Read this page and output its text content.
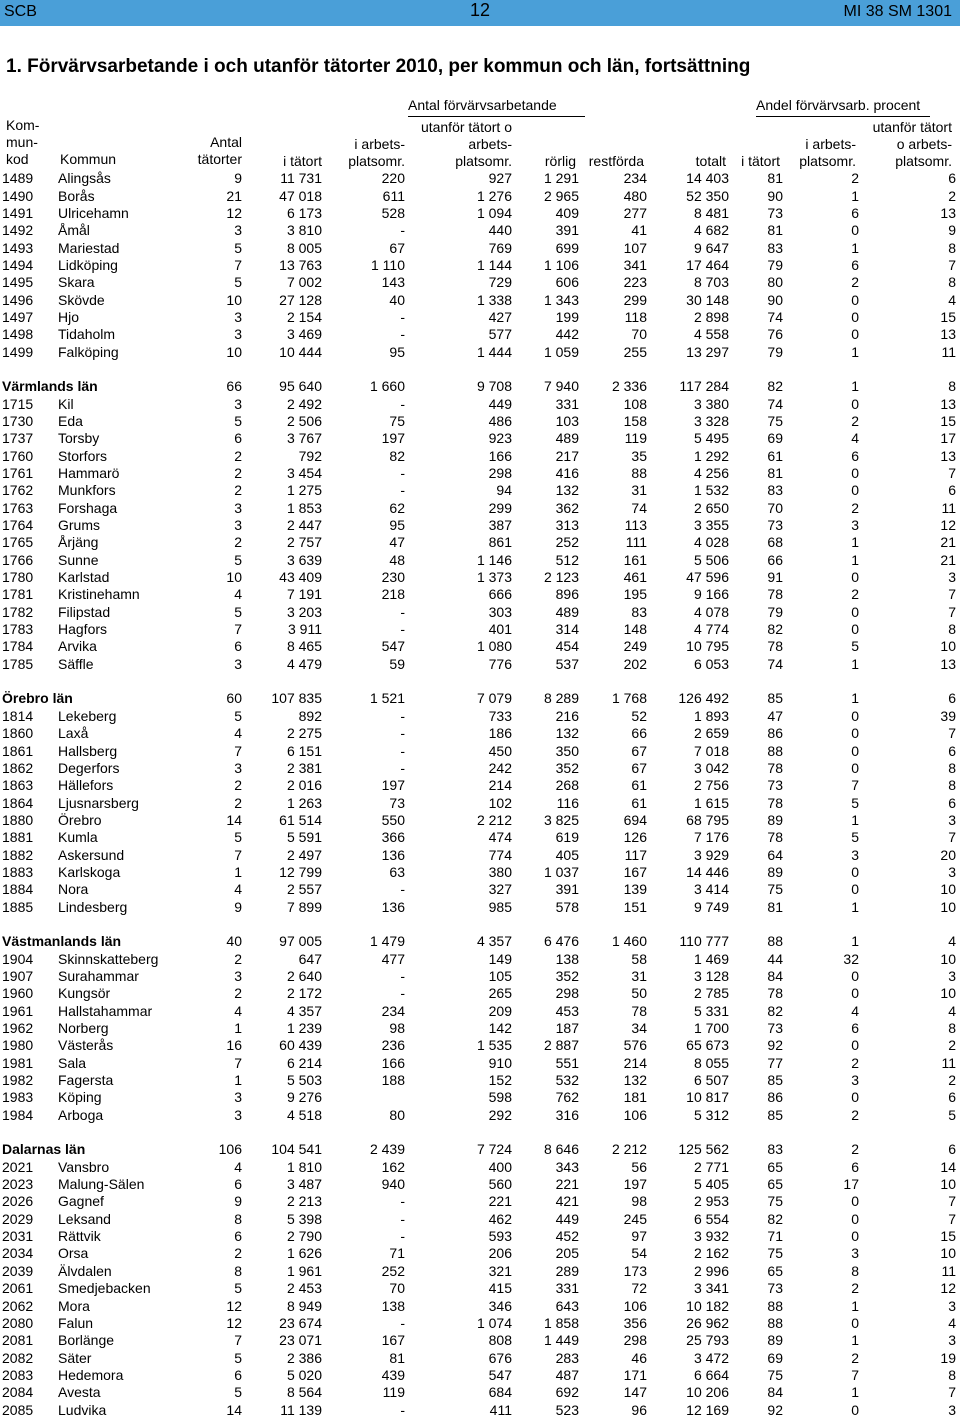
SCB	12	MI 38 SM 1301
1. Förvärvsarbetande i och utanför tätorter 2010, per kommun och län, fortsättning
Antal förvärvsarbetande	Andel förvärvsarb. procent
Kom-
mun-
kod Kommun
Antal
tätorter	i tätort
i arbets-
platsomr.
utanför tätort o
arbets-
platsomr.	rörlig restförda	totalt	i tätort
i arbets-
platsomr.
utanför tätort
o arbets-
platsomr.
1489	Alingsås	9	11 731	220	927	1 291	234	14 403	81	2	6
1490	Borås	21	47 018	611	1 276	2 965	480	52 350	90	1	2
1491	Ulricehamn	12	6 173	528	1 094	409	277	8 481	73	6	13
1492	Åmål	3	3 810	-	440	391	41	4 682	81	0	9
1493	Mariestad	5	8 005	67	769	699	107	9 647	83	1	8
1494	Lidköping	7	13 763	1 110	1 144	1 106	341	17 464	79	6	7
1495	Skara	5	7 002	143	729	606	223	8 703	80	2	8
1496	Skövde	10	27 128	40	1 338	1 343	299	30 148	90	0	4
1497	Hjo	3	2 154	-	427	199	118	2 898	74	0	15
1498	Tidaholm	3	3 469	-	577	442	70	4 558	76	0	13
1499	Falköping	10	10 444	95	1 444	1 059	255	13 297	79	1	11

Värmlands län		66	95 640	1 660	9 708	7 940	2 336	117 284	82	1	8
1715	Kil	3	2 492	-	449	331	108	3 380	74	0	13
1730	Eda	5	2 506	75	486	103	158	3 328	75	2	15
1737	Torsby	6	3 767	197	923	489	119	5 495	69	4	17
1760	Storfors	2	792	82	166	217	35	1 292	61	6	13
1761	Hammarö	2	3 454	-	298	416	88	4 256	81	0	7
1762	Munkfors	2	1 275	-	94	132	31	1 532	83	0	6
1763	Forshaga	3	1 853	62	299	362	74	2 650	70	2	11
1764	Grums	3	2 447	95	387	313	113	3 355	73	3	12
1765	Årjäng	2	2 757	47	861	252	111	4 028	68	1	21
1766	Sunne	5	3 639	48	1 146	512	161	5 506	66	1	21
1780	Karlstad	10	43 409	230	1 373	2 123	461	47 596	91	0	3
1781	Kristinehamn	4	7 191	218	666	896	195	9 166	78	2	7
1782	Filipstad	5	3 203	-	303	489	83	4 078	79	0	7
1783	Hagfors	7	3 911	-	401	314	148	4 774	82	0	8
1784	Arvika	6	8 465	547	1 080	454	249	10 795	78	5	10
1785	Säffle	3	4 479	59	776	537	202	6 053	74	1	13

Örebro län		60	107 835	1 521	7 079	8 289	1 768	126 492	85	1	6
1814	Lekeberg	5	892	-	733	216	52	1 893	47	0	39
1860	Laxå	4	2 275	-	186	132	66	2 659	86	0	7
1861	Hallsberg	7	6 151	-	450	350	67	7 018	88	0	6
1862	Degerfors	3	2 381	-	242	352	67	3 042	78	0	8
1863	Hällefors	2	2 016	197	214	268	61	2 756	73	7	8
1864	Ljusnarsberg	2	1 263	73	102	116	61	1 615	78	5	6
1880	Örebro	14	61 514	550	2 212	3 825	694	68 795	89	1	3
1881	Kumla	5	5 591	366	474	619	126	7 176	78	5	7
1882	Askersund	7	2 497	136	774	405	117	3 929	64	3	20
1883	Karlskoga	1	12 799	63	380	1 037	167	14 446	89	0	3
1884	Nora	4	2 557	-	327	391	139	3 414	75	0	10
1885	Lindesberg	9	7 899	136	985	578	151	9 749	81	1	10

Västmanlands län		40	97 005	1 479	4 357	6 476	1 460	110 777	88	1	4
1904	Skinnskatteberg	2	647	477	149	138	58	1 469	44	32	10
1907	Surahammar	3	2 640	-	105	352	31	3 128	84	0	3
1960	Kungsör	2	2 172	-	265	298	50	2 785	78	0	10
1961	Hallstahammar	4	4 357	234	209	453	78	5 331	82	4	4
1962	Norberg	1	1 239	98	142	187	34	1 700	73	6	8
1980	Västerås	16	60 439	236	1 535	2 887	576	65 673	92	0	2
1981	Sala	7	6 214	166	910	551	214	8 055	77	2	11
1982	Fagersta	1	5 503	188	152	532	132	6 507	85	3	2
1983	Köping	3	9 276		598	762	181	10 817	86	0	6
1984	Arboga	3	4 518	80	292	316	106	5 312	85	2	5

Dalarnas län		106	104 541	2 439	7 724	8 646	2 212	125 562	83	2	6
2021	Vansbro	4	1 810	162	400	343	56	2 771	65	6	14
2023	Malung-Sälen	6	3 487	940	560	221	197	5 405	65	17	10
2026	Gagnef	9	2 213	-	221	421	98	2 953	75	0	7
2029	Leksand	8	5 398	-	462	449	245	6 554	82	0	7
2031	Rättvik	6	2 790	-	593	452	97	3 932	71	0	15
2034	Orsa	2	1 626	71	206	205	54	2 162	75	3	10
2039	Älvdalen	8	1 961	252	321	289	173	2 996	65	8	11
2061	Smedjebacken	5	2 453	70	415	331	72	3 341	73	2	12
2062	Mora	12	8 949	138	346	643	106	10 182	88	1	3
2080	Falun	12	23 674	-	1 074	1 858	356	26 962	88	0	4
2081	Borlänge	7	23 071	167	808	1 449	298	25 793	89	1	3
2082	Säter	5	2 386	81	676	283	46	3 472	69	2	19
2083	Hedemora	6	5 020	439	547	487	171	6 664	75	7	8
2084	Avesta	5	8 564	119	684	692	147	10 206	84	1	7
2085	Ludvika	14	11 139	-	411	523	96	12 169	92	0	3
